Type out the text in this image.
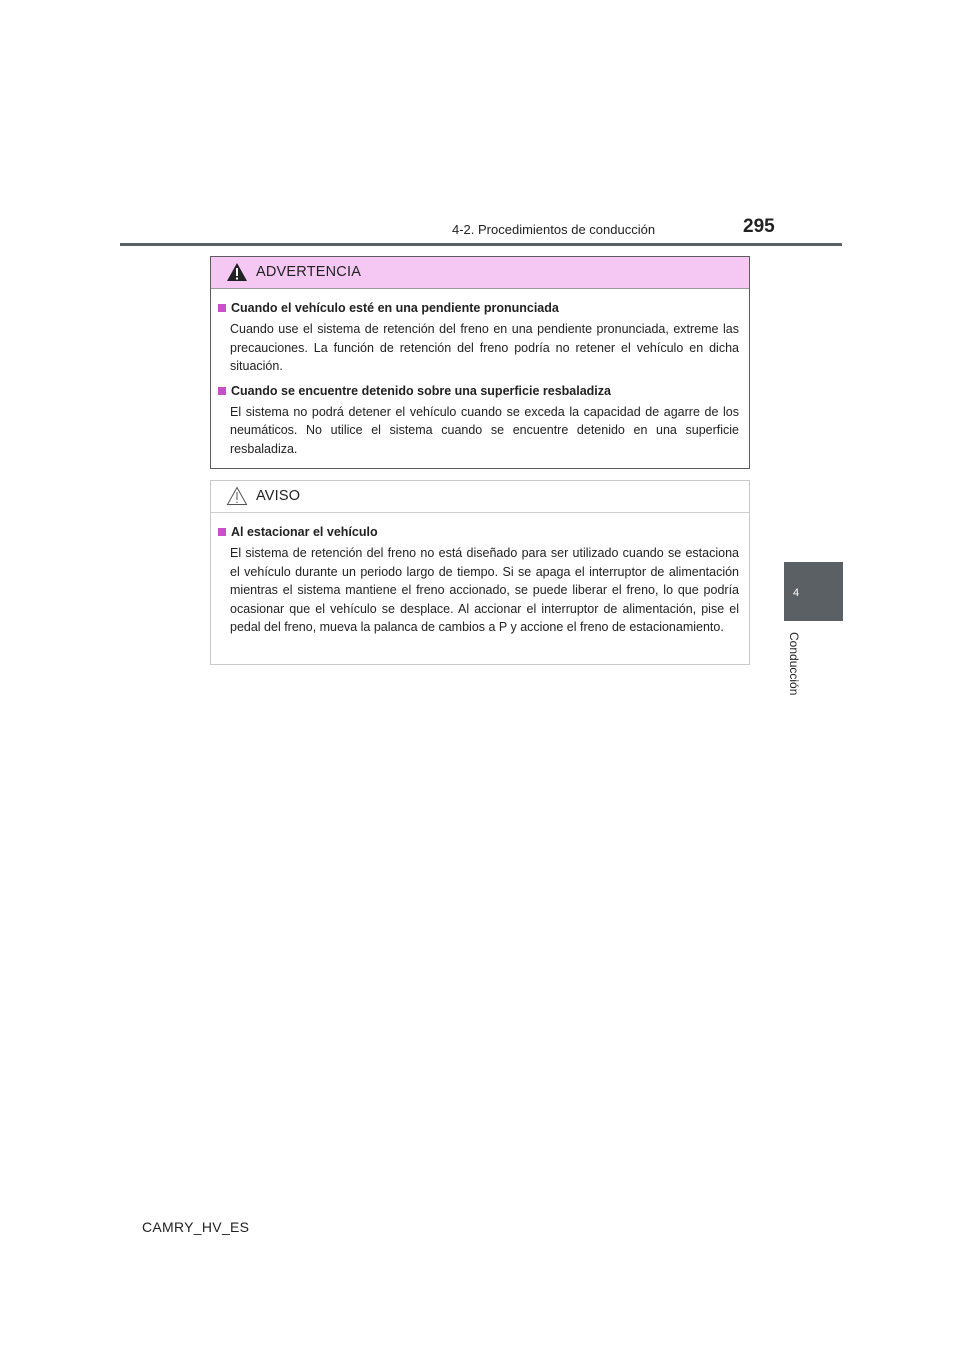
4-2. Procedimientos de conducción	295
4
Conducción
ADVERTENCIA
Cuando el vehículo esté en una pendiente pronunciada
Cuando use el sistema de retención del freno en una pendiente pronunciada, extreme las precauciones. La función de retención del freno podría no retener el vehículo en dicha situación.
Cuando se encuentre detenido sobre una superficie resbaladiza
El sistema no podrá detener el vehículo cuando se exceda la capacidad de agarre de los neumáticos. No utilice el sistema cuando se encuentre detenido en una superficie resbaladiza.
AVISO
Al estacionar el vehículo
El sistema de retención del freno no está diseñado para ser utilizado cuando se estaciona el vehículo durante un periodo largo de tiempo. Si se apaga el interruptor de alimentación mientras el sistema mantiene el freno accionado, se puede liberar el freno, lo que podría ocasionar que el vehículo se desplace. Al accionar el interruptor de alimentación, pise el pedal del freno, mueva la palanca de cambios a P y accione el freno de estacionamiento.
CAMRY_HV_ES
